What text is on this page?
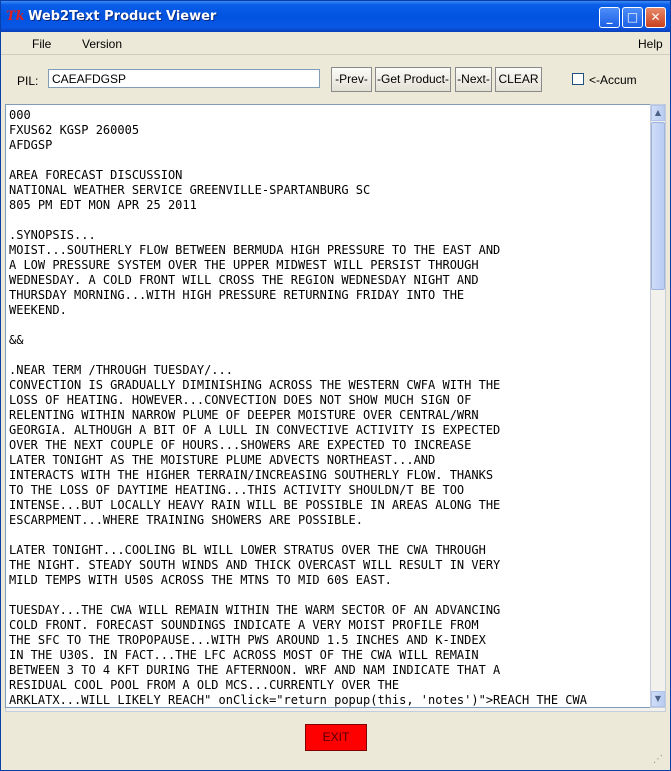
Tk Web2Text Product Viewer	_	□	✕
File	Version	Help
PIL:	CAEAFDGSP	-Prev- -Get Product- -Next- CLEAR	<-Accum
000
FXUS62 KGSP 260005
AFDGSP

AREA FORECAST DISCUSSION
NATIONAL WEATHER SERVICE GREENVILLE-SPARTANBURG SC
805 PM EDT MON APR 25 2011

.SYNOPSIS...
MOIST...SOUTHERLY FLOW BETWEEN BERMUDA HIGH PRESSURE TO THE EAST AND
A LOW PRESSURE SYSTEM OVER THE UPPER MIDWEST WILL PERSIST THROUGH
WEDNESDAY. A COLD FRONT WILL CROSS THE REGION WEDNESDAY NIGHT AND
THURSDAY MORNING...WITH HIGH PRESSURE RETURNING FRIDAY INTO THE
WEEKEND.

&&

.NEAR TERM /THROUGH TUESDAY/...
CONVECTION IS GRADUALLY DIMINISHING ACROSS THE WESTERN CWFA WITH THE
LOSS OF HEATING. HOWEVER...CONVECTION DOES NOT SHOW MUCH SIGN OF
RELENTING WITHIN NARROW PLUME OF DEEPER MOISTURE OVER CENTRAL/WRN
GEORGIA. ALTHOUGH A BIT OF A LULL IN CONVECTIVE ACTIVITY IS EXPECTED
OVER THE NEXT COUPLE OF HOURS...SHOWERS ARE EXPECTED TO INCREASE
LATER TONIGHT AS THE MOISTURE PLUME ADVECTS NORTHEAST...AND
INTERACTS WITH THE HIGHER TERRAIN/INCREASING SOUTHERLY FLOW. THANKS
TO THE LOSS OF DAYTIME HEATING...THIS ACTIVITY SHOULDN/T BE TOO
INTENSE...BUT LOCALLY HEAVY RAIN WILL BE POSSIBLE IN AREAS ALONG THE
ESCARPMENT...WHERE TRAINING SHOWERS ARE POSSIBLE.

LATER TONIGHT...COOLING BL WILL LOWER STRATUS OVER THE CWA THROUGH
THE NIGHT. STEADY SOUTH WINDS AND THICK OVERCAST WILL RESULT IN VERY
MILD TEMPS WITH U50S ACROSS THE MTNS TO MID 60S EAST.

TUESDAY...THE CWA WILL REMAIN WITHIN THE WARM SECTOR OF AN ADVANCING
COLD FRONT. FORECAST SOUNDINGS INDICATE A VERY MOIST PROFILE FROM
THE SFC TO THE TROPOPAUSE...WITH PWS AROUND 1.5 INCHES AND K-INDEX
IN THE U30S. IN FACT...THE LFC ACROSS MOST OF THE CWA WILL REMAIN
BETWEEN 3 TO 4 KFT DURING THE AFTERNOON. WRF AND NAM INDICATE THAT A
RESIDUAL COOL POOL FROM A OLD MCS...CURRENTLY OVER THE
ARKLATX...WILL LIKELY REACH" onClick="return popup(this, 'notes')">REACH THE CWA
▲
▼
EXIT
⋰
